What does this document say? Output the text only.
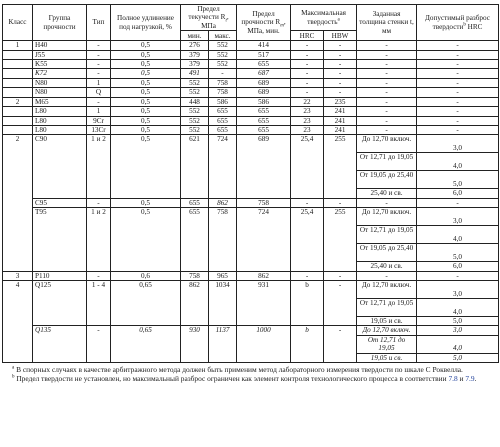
Класс	Группа прочности	Тип	Полное удлинение под нагрузкой, %	Предел текучести $R_t$, МПа		Предел прочности $R_m$, МПа, мин.	Максимальная твердость$^a$		Заданная толщина стенки t, мм	Допустимый разброс твердости$^b$ HRC
				мин.	макс.		HRC	HBW		
1	H40	-	0,5	276	552	414	-	-	-	-
	J55	-	0,5	379	552	517	-	-	-	-
	K55	-	0,5	379	552	655	-	-	-	-
	K72	-	0,5	491	-	687	-	-	-	-
	N80	1	0,5	552	758	689	-	-	-	-
	N80	Q	0,5	552	758	689	-	-	-	-
2	M65	-	0,5	448	586	586	22	235	-	-
	L80	1	0,5	552	655	655	23	241	-	-
	L80	9Cr	0,5	552	655	655	23	241	-	-
	L80	13Cr	0,5	552	655	655	23	241	-	-
2	C90	1 и 2	0,5	621	724	689	25,4	255	До 12,70 включ.	3,0
									От 12,71 до 19,05	4,0
									От 19,05 до 25,40	5,0
									25,40 и св.	6,0
	C95	-	0,5	655	862	758	-	-	-	-
	T95	1 и 2	0,5	655	758	724	25,4	255	До 12,70 включ.	3,0
									От 12,71 до 19,05	4,0
									От 19,05 до 25,40	5,0
									25,40 и св.	6,0
3	P110	-	0,6	758	965	862	-	-	-	-
4	Q125	1 - 4	0,65	862	1034	931	b	-	До 12,70 включ.	3,0
									От 12,71 до 19,05	4,0
									19,05 и св.	5,0
	Q135	-	0,65	930	1137	1000	b	-	До 12,70 включ.	3,0
									От 12,71 до 19,05	4,0
									19,05 и св.	5,0

$^a$ В спорных случаях в качестве арбитражного метода должен быть применим метод лабораторного измерения твердости по шкале С Роквелла.

$^b$ Предел твердости не установлен, но максимальный разброс ограничен как элемент контроля технологического процесса в соответствии 7.8 и 7.9.
